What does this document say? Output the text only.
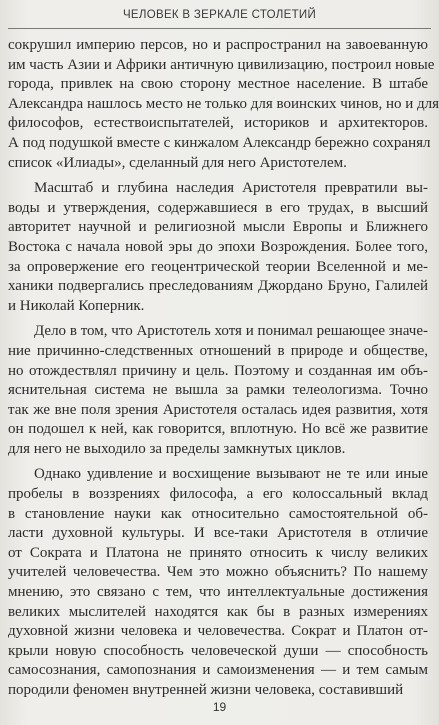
ЧЕЛОВЕК В ЗЕРКАЛЕ СТОЛЕТИЙ

сокрушил империю персов, но и распространил на завоеванную
им часть Азии и Африки античную цивилизацию, построил новые
города, привлек на свою сторону местное население. В штабе
Александра нашлось место не только для воинских чинов, но и для
философов, естествоиспытателей, историков и архитекторов.
А под подушкой вместе с кинжалом Александр бережно сохранял
список «Илиады», сделанный для него Аристотелем.

Масштаб и глубина наследия Аристотеля превратили вы-
воды и утверждения, содержавшиеся в его трудах, в высший
авторитет научной и религиозной мысли Европы и Ближнего
Востока с начала новой эры до эпохи Возрождения. Более того,
за опровержение его геоцентрической теории Вселенной и ме-
ханики подвергались преследованиям Джордано Бруно, Галилей
и Николай Коперник.

Дело в том, что Аристотель хотя и понимал решающее значе-
ние причинно-следственных отношений в природе и обществе,
но отождествлял причину и цель. Поэтому и созданная им объ-
яснительная система не вышла за рамки телеологизма. Точно
так же вне поля зрения Аристотеля осталась идея развития, хотя
он подошел к ней, как говорится, вплотную. Но всё же развитие
для него не выходило за пределы замкнутых циклов.

Однако удивление и восхищение вызывают не те или иные
пробелы в воззрениях философа, а его колоссальный вклад
в становление науки как относительно самостоятельной об-
ласти духовной культуры. И все-таки Аристотеля в отличие
от Сократа и Платона не принято относить к числу великих
учителей человечества. Чем это можно объяснить? По нашему
мнению, это связано с тем, что интеллектуальные достижения
великих мыслителей находятся как бы в разных измерениях
духовной жизни человека и человечества. Сократ и Платон от-
крыли новую способность человеческой души — способность
самосознания, самопознания и самоизменения — и тем самым
породили феномен внутренней жизни человека, составивший

19
